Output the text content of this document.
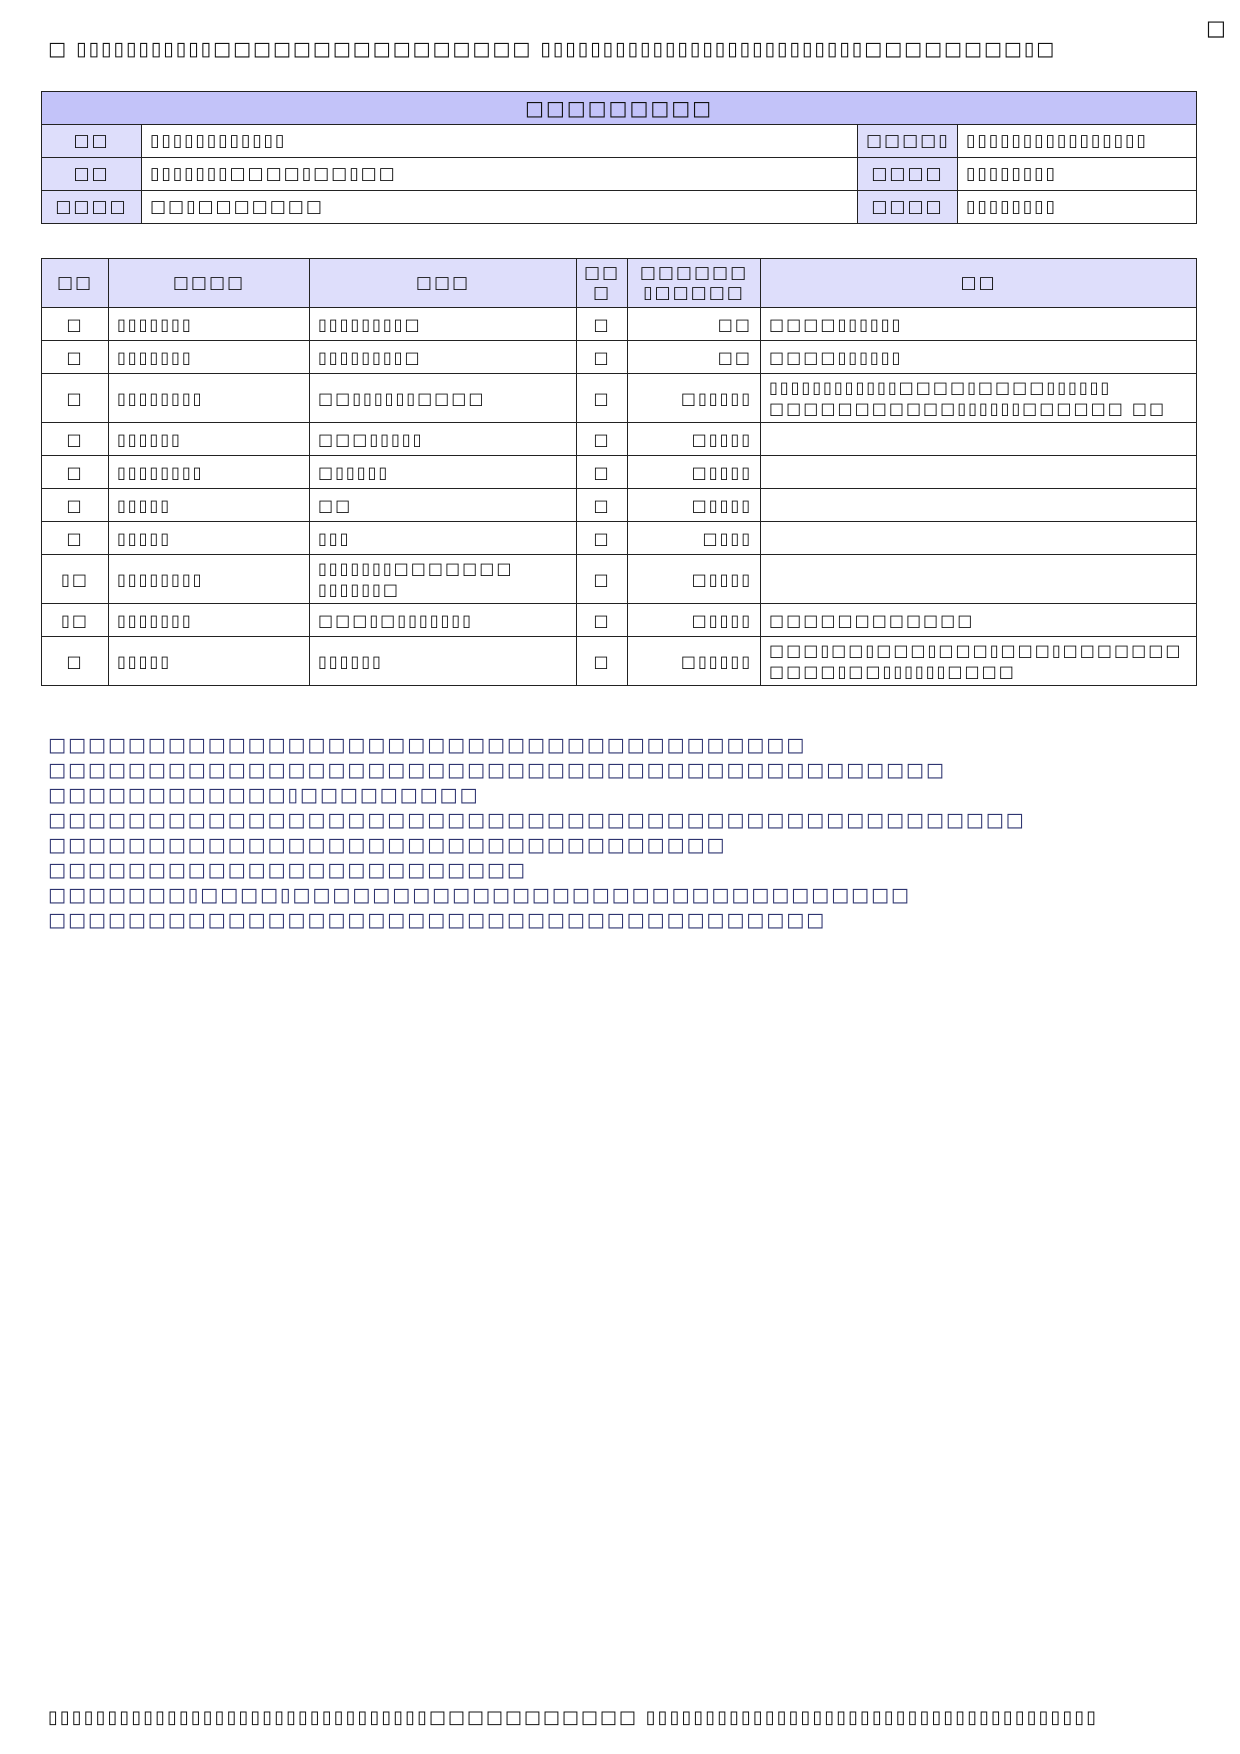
□
□ ▯▯▯▯▯▯▯▯▯▯▯□□□□□□□□□□□□□□□□ ▯▯▯▯▯▯▯▯▯▯▯▯▯▯▯▯▯▯▯▯▯▯▯▯▯▯□□□□□□□□▯□
□□□□□□□□□			
□□	▯▯▯▯▯▯▯▯▯▯▯▯	□□□□▯	▯▯▯▯▯▯▯▯▯▯▯▯▯▯▯▯
□□	▯▯▯▯▯▯▯□□□□▯□□▯□□	□□□□	▯▯▯▯▯▯▯▯
□□□□	□□▯□□□□□□□	□□□□	▯▯▯▯▯▯▯▯
□□	□□□□	□□□	□□ □	□□□□□□ ▯□□□□□	□□
□	▯▯▯▯▯▯▯	▯▯▯▯▯▯▯▯□	□	□□	□□□□▯▯▯▯▯▯
□	▯▯▯▯▯▯▯	▯▯▯▯▯▯▯▯□	□	□□	□□□□▯▯▯▯▯▯
□	▯▯▯▯▯▯▯▯	□□▯▯▯▯▯▯□□□□	□	□▯▯▯▯▯	▯▯▯▯▯▯▯▯▯▯▯▯□□□□▯□□□□▯▯▯▯▯▯ □□□□□□□□□□□▯▯▯▯▯▯□□□□□□ □□
□	▯▯▯▯▯▯	□□□▯▯▯▯▯	□	□▯▯▯▯	
□	▯▯▯▯▯▯▯▯	□▯▯▯▯▯	□	□▯▯▯▯	
□	▯▯▯▯▯	□□	□	□▯▯▯▯	
□	▯▯▯▯▯	▯▯▯	□	□▯▯▯	
▯□	▯▯▯▯▯▯▯▯	▯▯▯▯▯▯▯□□□□□□□ ▯▯▯▯▯▯□	□	□▯▯▯▯	
▯□	▯▯▯▯▯▯▯	□□□▯□▯▯▯▯▯▯▯	□	□▯▯▯▯	□□□□□□□□□□□□
□	▯▯▯▯▯	▯▯▯▯▯▯	□	□▯▯▯▯▯	□□□▯□□▯□□□▯□□□▯□□□▯□□□□□□□ □□□□▯□□▯▯▯▯▯▯□□□□
□□□□□□□□□□□□□□□□□□□□□□□□□□□□□□□□□□□□□□
□□□□□□□□□□□□□□□□□□□□□□□□□□□□□□□□□□□□□□□□□□□□□
□□□□□□□□□□□□▯□□□□□□□□□
□□□□□□□□□□□□□□□□□□□□□□□□□□□□□□□□□□□□□□□□□□□□□□□□□
□□□□□□□□□□□□□□□□□□□□□□□□□□□□□□□□□□
□□□□□□□□□□□□□□□□□□□□□□□□
□□□□□□□▯□□□□▯□□□□□□□□□□□□□□□□□□□□□□□□□□□□□□□
□□□□□□□□□□□□□□□□□□□□□□□□□□□□□□□□□□□□□□□
▯▯▯▯▯▯▯▯▯▯▯▯▯▯▯▯▯▯▯▯▯▯▯▯▯▯▯▯▯▯▯▯□□□□□□□□□□□ ▯▯▯▯▯▯▯▯▯▯▯▯▯▯▯▯▯▯▯▯▯▯▯▯▯▯▯▯▯▯▯▯▯▯▯▯▯▯
